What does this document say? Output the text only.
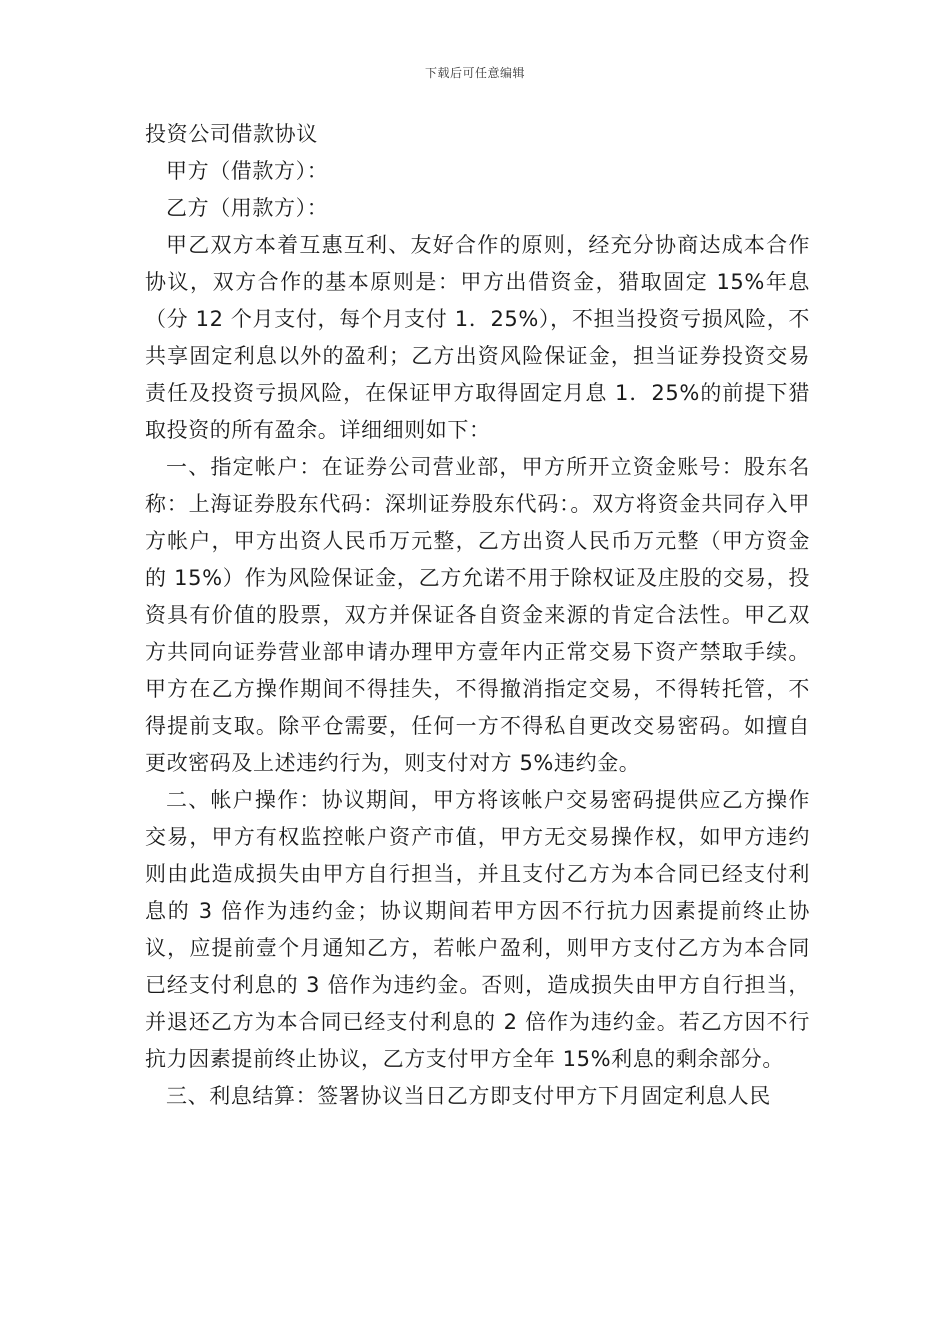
下载后可任意编辑

投资公司借款协议

甲方（借款方）：

乙方（用款方）：

甲乙双方本着互惠互利、友好合作的原则，经充分协商达成本合作协议，双方合作的基本原则是：甲方出借资金，猎取固定 15%年息（分 12 个月支付，每个月支付 1．25%），不担当投资亏损风险，不共享固定利息以外的盈利；乙方出资风险保证金，担当证券投资交易责任及投资亏损风险，在保证甲方取得固定月息 1．25%的前提下猎取投资的所有盈余。详细细则如下：

一、指定帐户：在证券公司营业部，甲方所开立资金账号：股东名称：上海证券股东代码：深圳证券股东代码：。双方将资金共同存入甲方帐户，甲方出资人民币万元整，乙方出资人民币万元整（甲方资金的 15%）作为风险保证金，乙方允诺不用于除权证及庄股的交易，投资具有价值的股票，双方并保证各自资金来源的肯定合法性。甲乙双方共同向证券营业部申请办理甲方壹年内正常交易下资产禁取手续。甲方在乙方操作期间不得挂失，不得撤消指定交易，不得转托管，不得提前支取。除平仓需要，任何一方不得私自更改交易密码。如擅自更改密码及上述违约行为，则支付对方 5%违约金。

二、帐户操作：协议期间，甲方将该帐户交易密码提供应乙方操作交易，甲方有权监控帐户资产市值，甲方无交易操作权，如甲方违约则由此造成损失由甲方自行担当，并且支付乙方为本合同已经支付利息的 3 倍作为违约金；协议期间若甲方因不行抗力因素提前终止协议，应提前壹个月通知乙方，若帐户盈利，则甲方支付乙方为本合同已经支付利息的 3 倍作为违约金。否则，造成损失由甲方自行担当，并退还乙方为本合同已经支付利息的 2 倍作为违约金。若乙方因不行抗力因素提前终止协议，乙方支付甲方全年 15%利息的剩余部分。

三、利息结算：签署协议当日乙方即支付甲方下月固定利息人民
